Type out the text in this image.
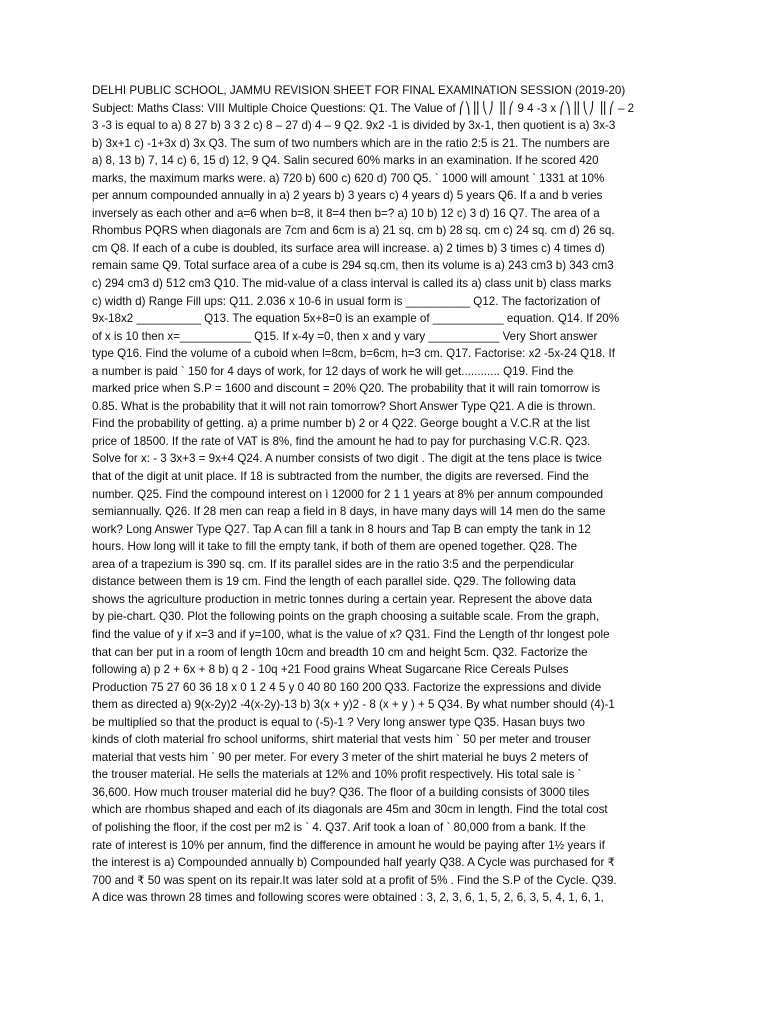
DELHI PUBLIC SCHOOL, JAMMU REVISION SHEET FOR FINAL EXAMINATION SESSION (2019-20)
Subject: Maths Class: VIII Multiple Choice Questions: Q1. The Value of ⎛⎞⎟⎜⎝⎠ ⎟⎜⎛ 9 4 -3 x ⎛⎞⎟⎜⎝⎠ ⎟⎜⎛ – 2
3 -3 is equal to a) 8 27 b) 3 3 2 c) 8 – 27 d) 4 – 9 Q2. 9x2 -1 is divided by 3x-1, then quotient is a) 3x-3
b) 3x+1 c) -1+3x d) 3x Q3. The sum of two numbers which are in the ratio 2:5 is 21. The numbers are
a) 8, 13 b) 7, 14 c) 6, 15 d) 12, 9 Q4. Salin secured 60% marks in an examination. If he scored 420
marks, the maximum marks were. a) 720 b) 600 c) 620 d) 700 Q5. ` 1000 will amount ` 1331 at 10%
per annum compounded annually in a) 2 years b) 3 years c) 4 years d) 5 years Q6. If a and b veries
inversely as each other and a=6 when b=8, it 8=4 then b=? a) 10 b) 12 c) 3 d) 16 Q7. The area of a
Rhombus PQRS when diagonals are 7cm and 6cm is a) 21 sq. cm b) 28 sq. cm c) 24 sq. cm d) 26 sq.
cm Q8. If each of a cube is doubled, its surface area will increase. a) 2 times b) 3 times c) 4 times d)
remain same Q9. Total surface area of a cube is 294 sq.cm, then its volume is a) 243 cm3 b) 343 cm3
c) 294 cm3 d) 512 cm3 Q10. The mid-value of a class interval is called its a) class unit b) class marks
c) width d) Range Fill ups: Q11. 2.036 x 10-6 in usual form is __________ Q12. The factorization of
9x-18x2 __________ Q13. The equation 5x+8=0 is an example of ___________ equation. Q14. If 20%
of x is 10 then x=___________ Q15. If x-4y =0, then x and y vary ___________ Very Short answer
type Q16. Find the volume of a cuboid when l=8cm, b=6cm, h=3 cm. Q17. Factorise: x2 -5x-24 Q18. If
a number is paid ` 150 for 4 days of work, for 12 days of work he will get............ Q19. Find the
marked price when S.P = 1600 and discount = 20% Q20. The probability that it will rain tomorrow is
0.85. What is the probability that it will not rain tomorrow? Short Answer Type Q21. A die is thrown.
Find the probability of getting. a) a prime number b) 2 or 4 Q22. George bought a V.C.R at the list
price of 18500. If the rate of VAT is 8%, find the amount he had to pay for purchasing V.C.R. Q23.
Solve for x: - 3 3x+3 = 9x+4 Q24. A number consists of two digit . The digit at the tens place is twice
that of the digit at unit place. If 18 is subtracted from the number, the digits are reversed. Find the
number. Q25. Find the compound interest on ì 12000 for 2 1 1 years at 8% per annum compounded
semiannually. Q26. If 28 men can reap a field in 8 days, in have many days will 14 men do the same
work? Long Answer Type Q27. Tap A can fill a tank in 8 hours and Tap B can empty the tank in 12
hours. How long will it take to fill the empty tank, if both of them are opened together. Q28. The
area of a trapezium is 390 sq. cm. If its parallel sides are in the ratio 3:5 and the perpendicular
distance between them is 19 cm. Find the length of each parallel side. Q29. The following data
shows the agriculture production in metric tonnes during a certain year. Represent the above data
by pie-chart. Q30. Plot the following points on the graph choosing a suitable scale. From the graph,
find the value of y if x=3 and if y=100, what is the value of x? Q31. Find the Length of thr longest pole
that can ber put in a room of length 10cm and breadth 10 cm and height 5cm. Q32. Factorize the
following a) p 2 + 6x + 8 b) q 2 - 10q +21 Food grains Wheat Sugarcane Rice Cereals Pulses
Production 75 27 60 36 18 x 0 1 2 4 5 y 0 40 80 160 200 Q33. Factorize the expressions and divide
them as directed a) 9(x-2y)2 -4(x-2y)-13 b) 3(x + y)2 - 8 (x + y ) + 5 Q34. By what number should (4)-1
be multiplied so that the product is equal to (-5)-1 ? Very long answer type Q35. Hasan buys two
kinds of cloth material fro school uniforms, shirt material that vests him ` 50 per meter and trouser
material that vests him ` 90 per meter. For every 3 meter of the shirt material he buys 2 meters of
the trouser material. He sells the materials at 12% and 10% profit respectively. His total sale is `
36,600. How much trouser material did he buy? Q36. The floor of a building consists of 3000 tiles
which are rhombus shaped and each of its diagonals are 45m and 30cm in length. Find the total cost
of polishing the floor, if the cost per m2 is ` 4. Q37. Arif took a loan of ` 80,000 from a bank. If the
rate of interest is 10% per annum, find the difference in amount he would be paying after 1½ years if
the interest is a) Compounded annually b) Compounded half yearly Q38. A Cycle was purchased for ₹
700 and ₹ 50 was spent on its repair.It was later sold at a profit of 5% . Find the S.P of the Cycle. Q39.
A dice was thrown 28 times and following scores were obtained : 3, 2, 3, 6, 1, 5, 2, 6, 3, 5, 4, 1, 6, 1,
